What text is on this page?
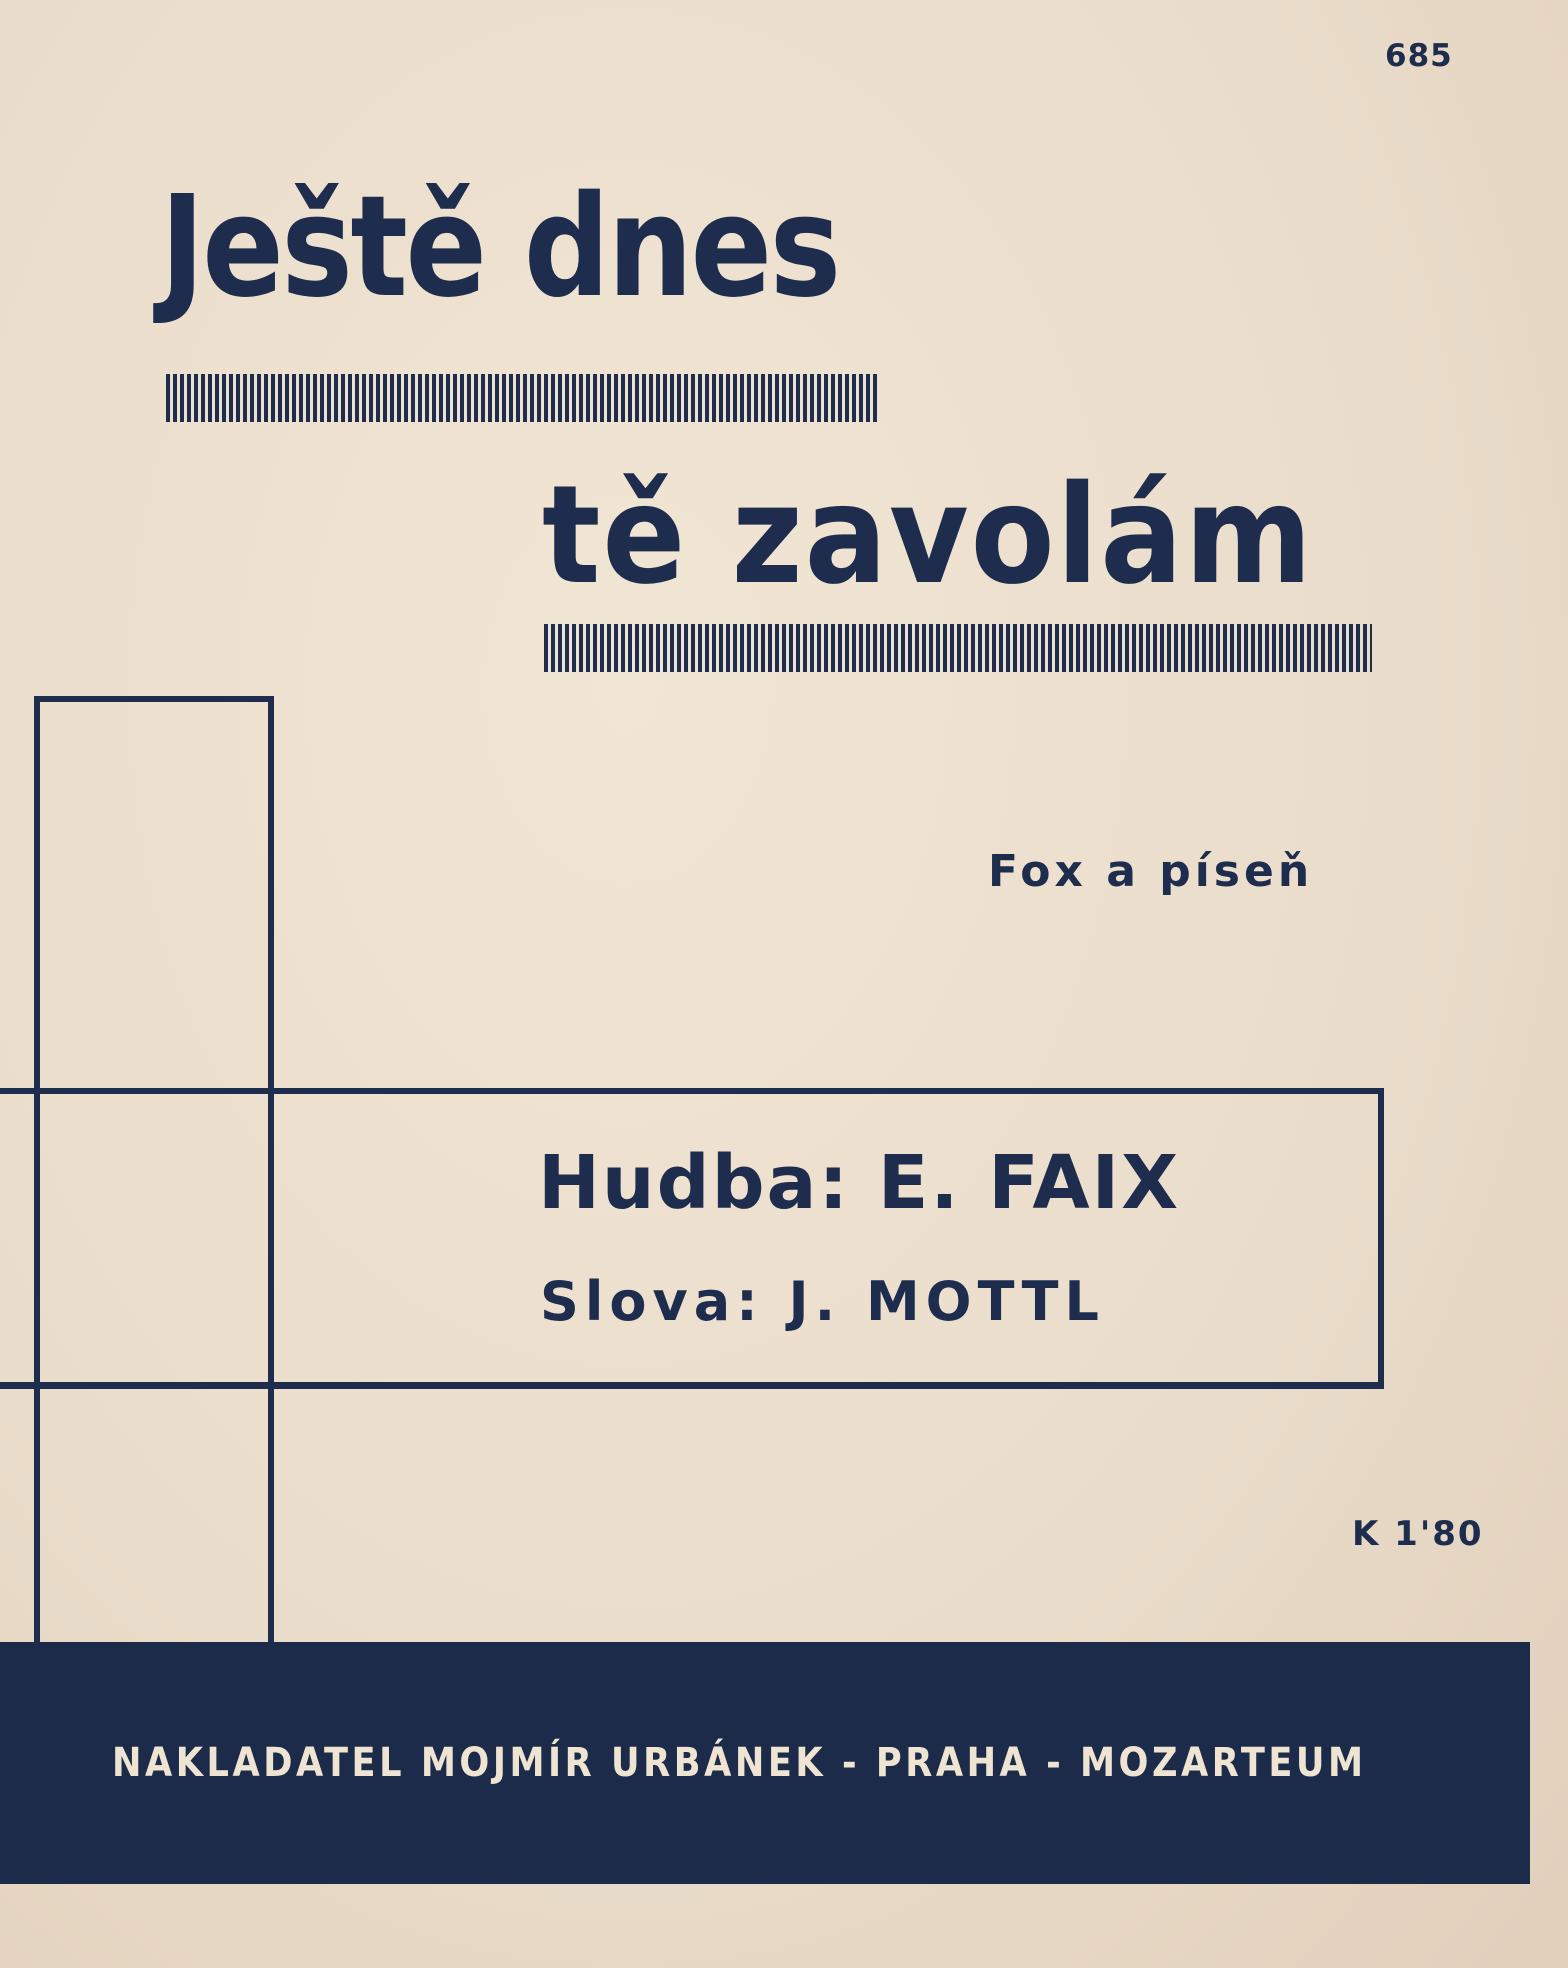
685
Ještě dnes
tě zavolám
Fox a píseň
Hudba: E. FAIX
Slova: J. MOTTL
K 1'80
NAKLADATEL MOJMÍR URBÁNEK - PRAHA - MOZARTEUM
